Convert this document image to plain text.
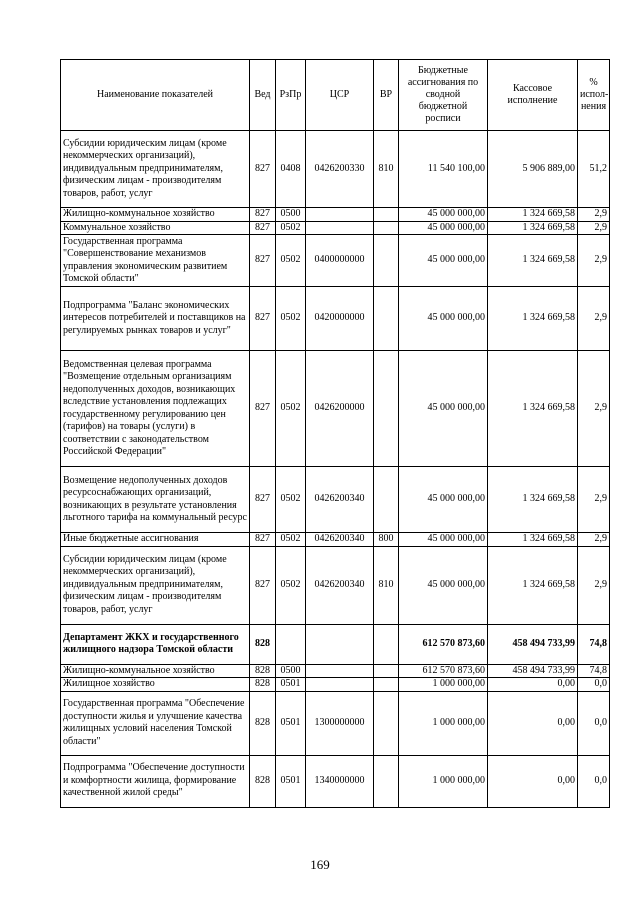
Наименование показателей	Вед	РзПр	ЦСР	ВР	Бюджетные ассигнования по сводной бюджетной росписи	Кассовое исполнение	% испол-нения
Субсидии юридическим лицам (кроме некоммерческих организаций), индивидуальным предпринимателям, физическим лицам - производителям товаров, работ, услуг	827	0408	0426200330	810	11 540 100,00	5 906 889,00	51,2
Жилищно-коммунальное хозяйство	827	0500			45 000 000,00	1 324 669,58	2,9
Коммунальное хозяйство	827	0502			45 000 000,00	1 324 669,58	2,9
Государственная программа "Совершенствование механизмов управления экономическим развитием Томской области"	827	0502	0400000000		45 000 000,00	1 324 669,58	2,9
Подпрограмма "Баланс экономических интересов потребителей и поставщиков на регулируемых рынках товаров и услуг"	827	0502	0420000000		45 000 000,00	1 324 669,58	2,9
Ведомственная целевая программа "Возмещение отдельным организациям недополученных доходов, возникающих вследствие установления подлежащих государственному регулированию цен (тарифов) на товары (услуги) в соответствии с законодательством Российской Федерации"	827	0502	0426200000		45 000 000,00	1 324 669,58	2,9
Возмещение недополученных доходов ресурсоснабжающих организаций, возникающих в результате установления льготного тарифа на коммунальный ресурс	827	0502	0426200340		45 000 000,00	1 324 669,58	2,9
Иные бюджетные ассигнования	827	0502	0426200340	800	45 000 000,00	1 324 669,58	2,9
Субсидии юридическим лицам (кроме некоммерческих организаций), индивидуальным предпринимателям, физическим лицам - производителям товаров, работ, услуг	827	0502	0426200340	810	45 000 000,00	1 324 669,58	2,9
Департамент ЖКХ и государственного жилищного надзора Томской области	828				612 570 873,60	458 494 733,99	74,8
Жилищно-коммунальное хозяйство	828	0500			612 570 873,60	458 494 733,99	74,8
Жилищное хозяйство	828	0501			1 000 000,00	0,00	0,0
Государственная программа "Обеспечение доступности жилья и улучшение качества жилищных условий населения Томской области"	828	0501	1300000000		1 000 000,00	0,00	0,0
Подпрограмма "Обеспечение доступности и комфортности жилища, формирование качественной жилой среды"	828	0501	1340000000		1 000 000,00	0,00	0,0
169
